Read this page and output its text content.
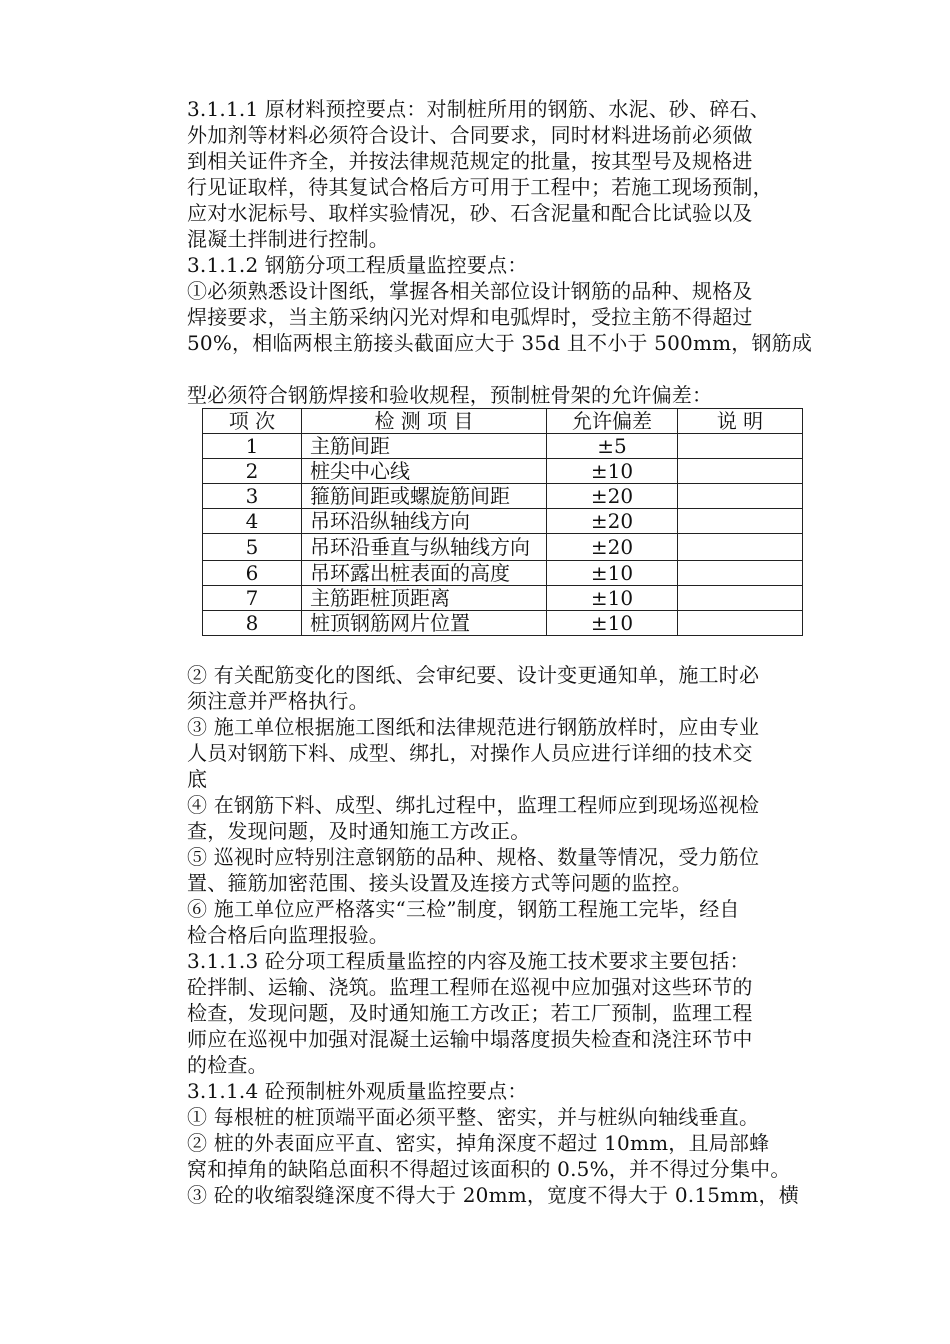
3.1.1.1 原材料预控要点：对制桩所用的钢筋、水泥、砂、碎石、

外加剂等材料必须符合设计、合同要求，同时材料进场前必须做

到相关证件齐全，并按法律规范规定的批量，按其型号及规格进

行见证取样，待其复试合格后方可用于工程中；若施工现场预制，

应对水泥标号、取样实验情况，砂、石含泥量和配合比试验以及

混凝土拌制进行控制。

3.1.1.2 钢筋分项工程质量监控要点：

①必须熟悉设计图纸，掌握各相关部位设计钢筋的品种、规格及

焊接要求，当主筋采纳闪光对焊和电弧焊时，受拉主筋不得超过

50%，相临两根主筋接头截面应大于 35d 且不小于 500mm，钢筋成

型必须符合钢筋焊接和验收规程，预制桩骨架的允许偏差：

项 次	检 测 项 目	允许偏差	说 明
1	主筋间距	±5	
2	桩尖中心线	±10	
3	箍筋间距或螺旋筋间距	±20	
4	吊环沿纵轴线方向	±20	
5	吊环沿垂直与纵轴线方向	±20	
6	吊环露出桩表面的高度	±10	
7	主筋距桩顶距离	±10	
8	桩顶钢筋网片位置	±10	

② 有关配筋变化的图纸、会审纪要、设计变更通知单，施工时必

须注意并严格执行。

③ 施工单位根据施工图纸和法律规范进行钢筋放样时，应由专业

人员对钢筋下料、成型、绑扎，对操作人员应进行详细的技术交

底

④ 在钢筋下料、成型、绑扎过程中，监理工程师应到现场巡视检

查，发现问题，及时通知施工方改正。

⑤ 巡视时应特别注意钢筋的品种、规格、数量等情况，受力筋位

置、箍筋加密范围、接头设置及连接方式等问题的监控。

⑥ 施工单位应严格落实“三检”制度，钢筋工程施工完毕，经自

检合格后向监理报验。

3.1.1.3 砼分项工程质量监控的内容及施工技术要求主要包括：

砼拌制、运输、浇筑。监理工程师在巡视中应加强对这些环节的

检查，发现问题，及时通知施工方改正；若工厂预制，监理工程

师应在巡视中加强对混凝土运输中塌落度损失检查和浇注环节中

的检查。

3.1.1.4 砼预制桩外观质量监控要点：

① 每根桩的桩顶端平面必须平整、密实，并与桩纵向轴线垂直。

② 桩的外表面应平直、密实，掉角深度不超过 10mm，且局部蜂

窝和掉角的缺陷总面积不得超过该面积的 0.5%，并不得过分集中。

③ 砼的收缩裂缝深度不得大于 20mm，宽度不得大于 0.15mm，横
